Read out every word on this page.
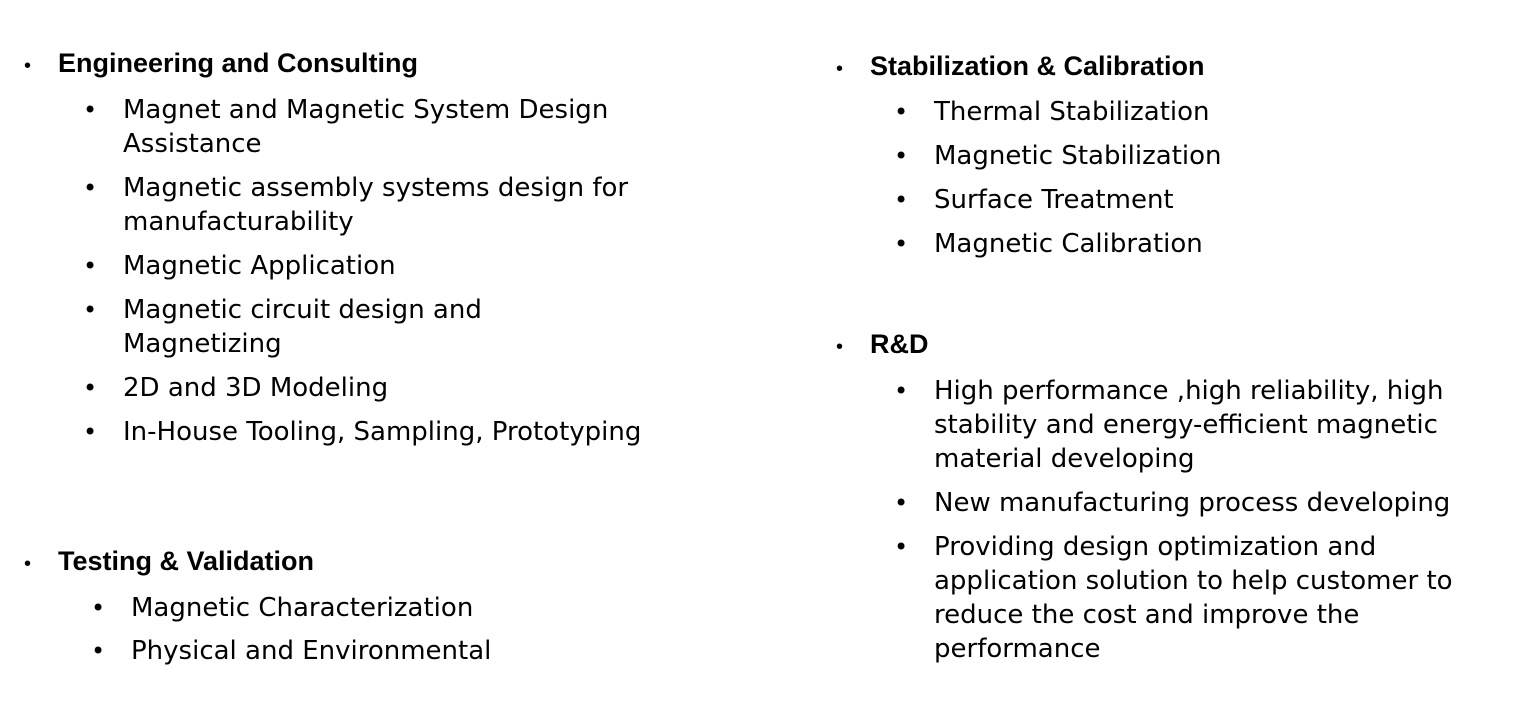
• Engineering and Consulting
• Magnet and Magnetic System Design Assistance
• Magnetic assembly systems design for manufacturability
• Magnetic Application
• Magnetic circuit design and Magnetizing
• 2D and 3D Modeling
• In-House Tooling, Sampling, Prototyping
• Testing & Validation
• Magnetic Characterization
• Physical and Environmental
• Stabilization & Calibration
• Thermal Stabilization
• Magnetic Stabilization
• Surface Treatment
• Magnetic Calibration
• R&D
• High performance ,high reliability, high stability and energy-efficient magnetic material developing
• New manufacturing process developing
• Providing design optimization and application solution to help customer to reduce the cost and improve the performance
